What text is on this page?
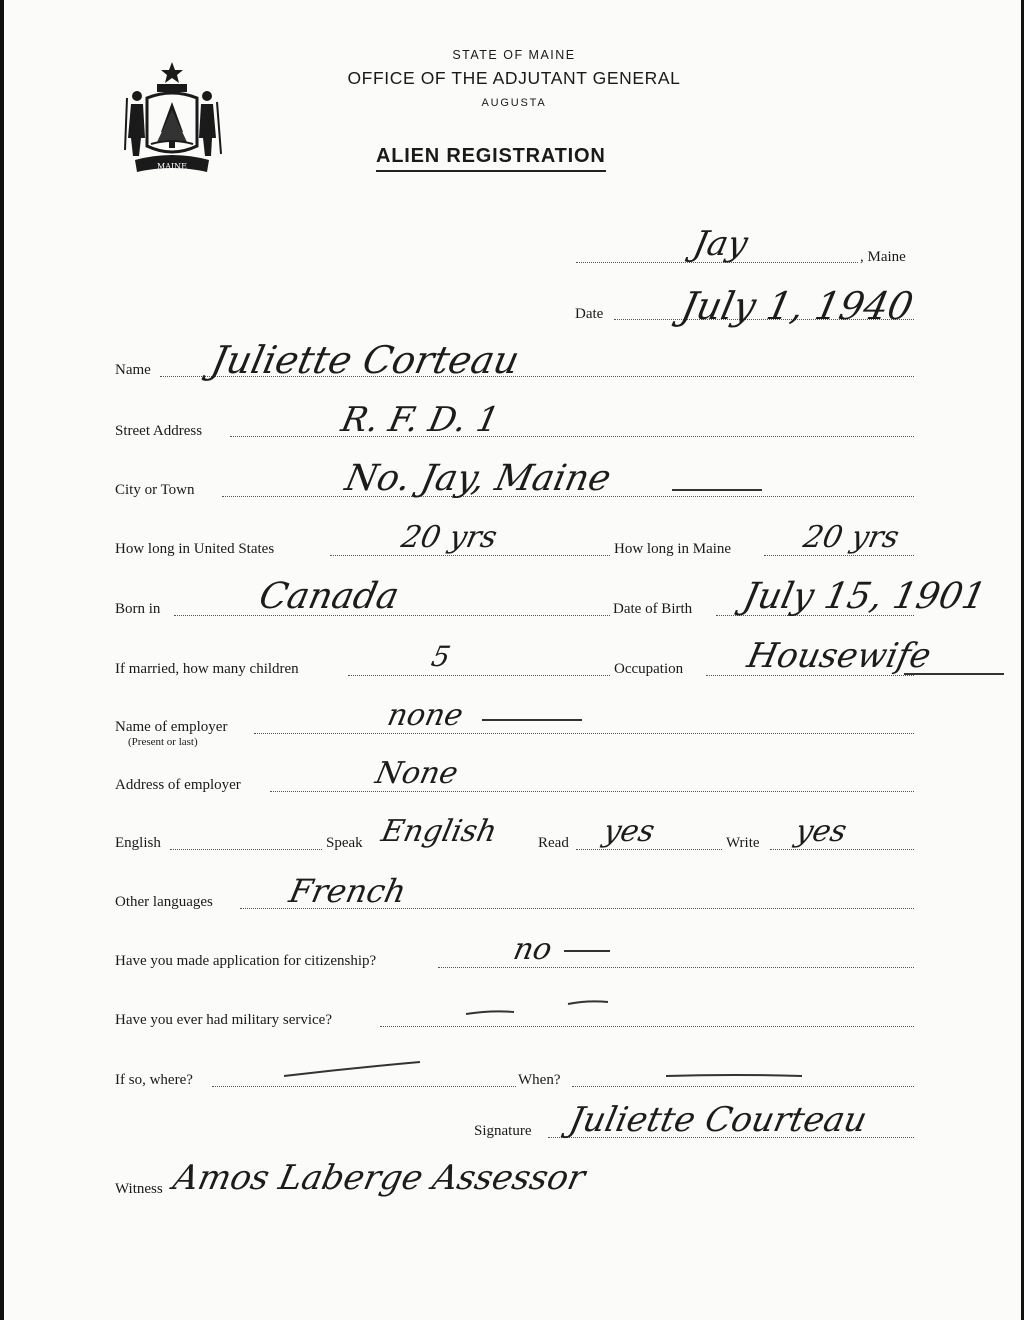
MAINE
STATE OF MAINE
OFFICE OF THE ADJUTANT GENERAL
AUGUSTA
ALIEN REGISTRATION
Jay	, Maine
Date July 1, 1940
Name Juliette Corteau
Street Address	R. F. D. 1
City or Town	No. Jay, Maine
How long in United States	20 yrs	How long in Maine 20 yrs
Born in	Canada	Date of Birth July 15, 1901
If married, how many children	5	Occupation Housewife
Name of employer
(Present or last)
none
Address of employer	None
English	Speak English	Read yes	Write yes
Other languages French
Have you made application for citizenship?	no
Have you ever had military service?
If so, where?	When?
Signature Juliette Courteau
Witness Amos Laberge Assessor
